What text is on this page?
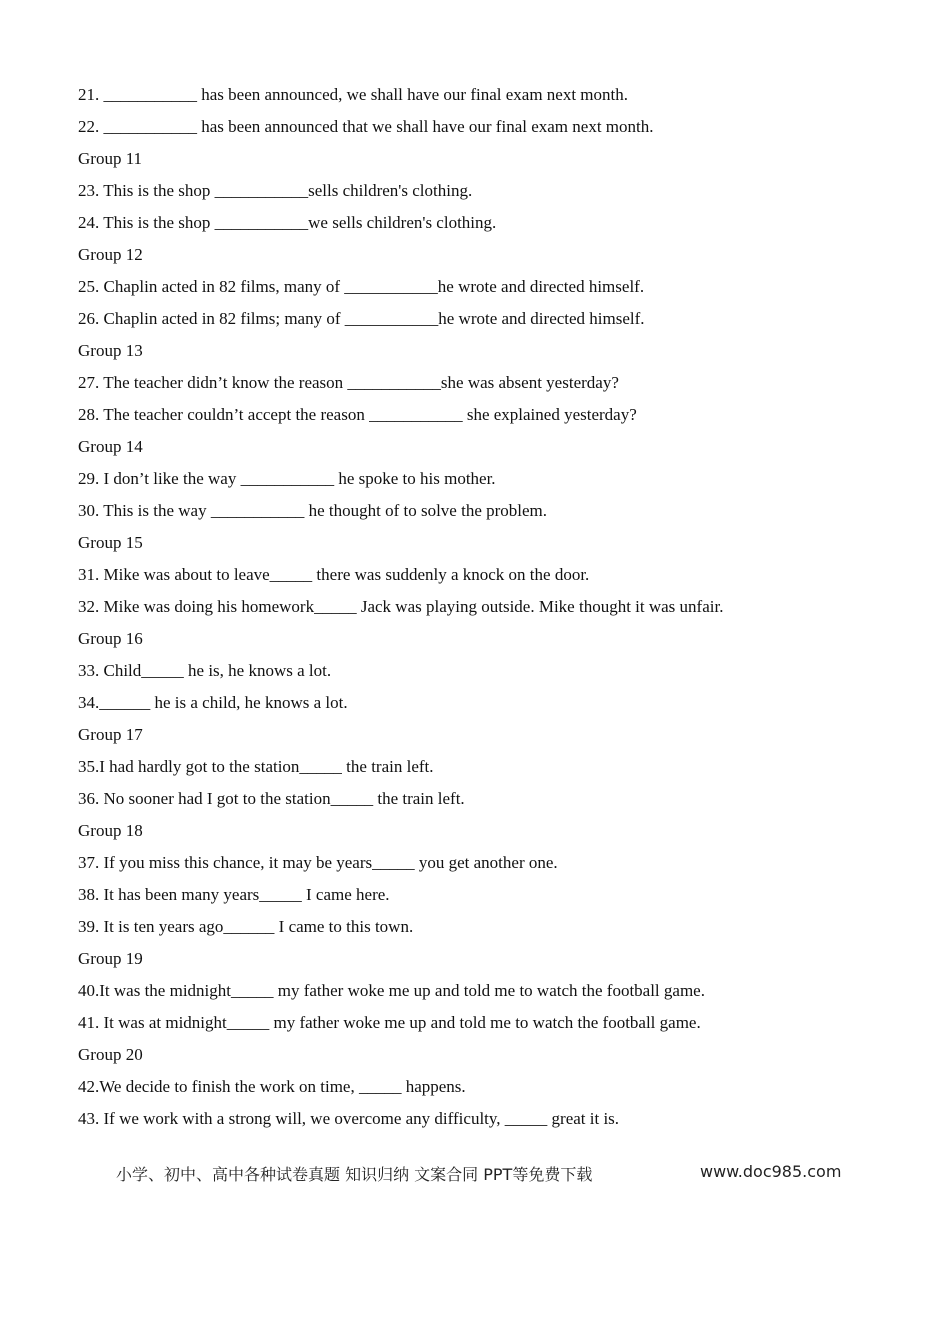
21. ___________ has been announced, we shall have our final exam next month.
22. ___________ has been announced that we shall have our final exam next month.
Group 11
23. This is the shop ___________sells children's clothing.
24. This is the shop ___________we sells children's clothing.
Group 12
25. Chaplin acted in 82 films, many of ___________he wrote and directed himself.
26. Chaplin acted in 82 films; many of ___________he wrote and directed himself.
Group 13
27. The teacher didn’t know the reason ___________she was absent yesterday?
28. The teacher couldn’t accept the reason ___________ she explained yesterday?
Group 14
29. I don’t like the way ___________ he spoke to his mother.
30. This is the way ___________ he thought of to solve the problem.
Group 15
31. Mike was about to leave_____ there was suddenly a knock on the door.
32. Mike was doing his homework_____ Jack was playing outside. Mike thought it was unfair.
Group 16
33. Child_____ he is, he knows a lot.
34.______ he is a child, he knows a lot.
Group 17
35.I had hardly got to the station_____ the train left.
36. No sooner had I got to the station_____ the train left.
Group 18
37. If you miss this chance, it may be years_____ you get another one.
38. It has been many years_____ I came here.
39. It is ten years ago______ I came to this town.
Group 19
40.It was the midnight_____ my father woke me up and told me to watch the football game.
41. It was at midnight_____ my father woke me up and told me to watch the football game.
Group 20
42.We decide to finish the work on time, _____ happens.
43. If we work with a strong will, we overcome any difficulty, _____ great it is.
小学、初中、高中各种试卷真题 知识归纳 文案合同 PPT等免费下载	www.doc985.com
